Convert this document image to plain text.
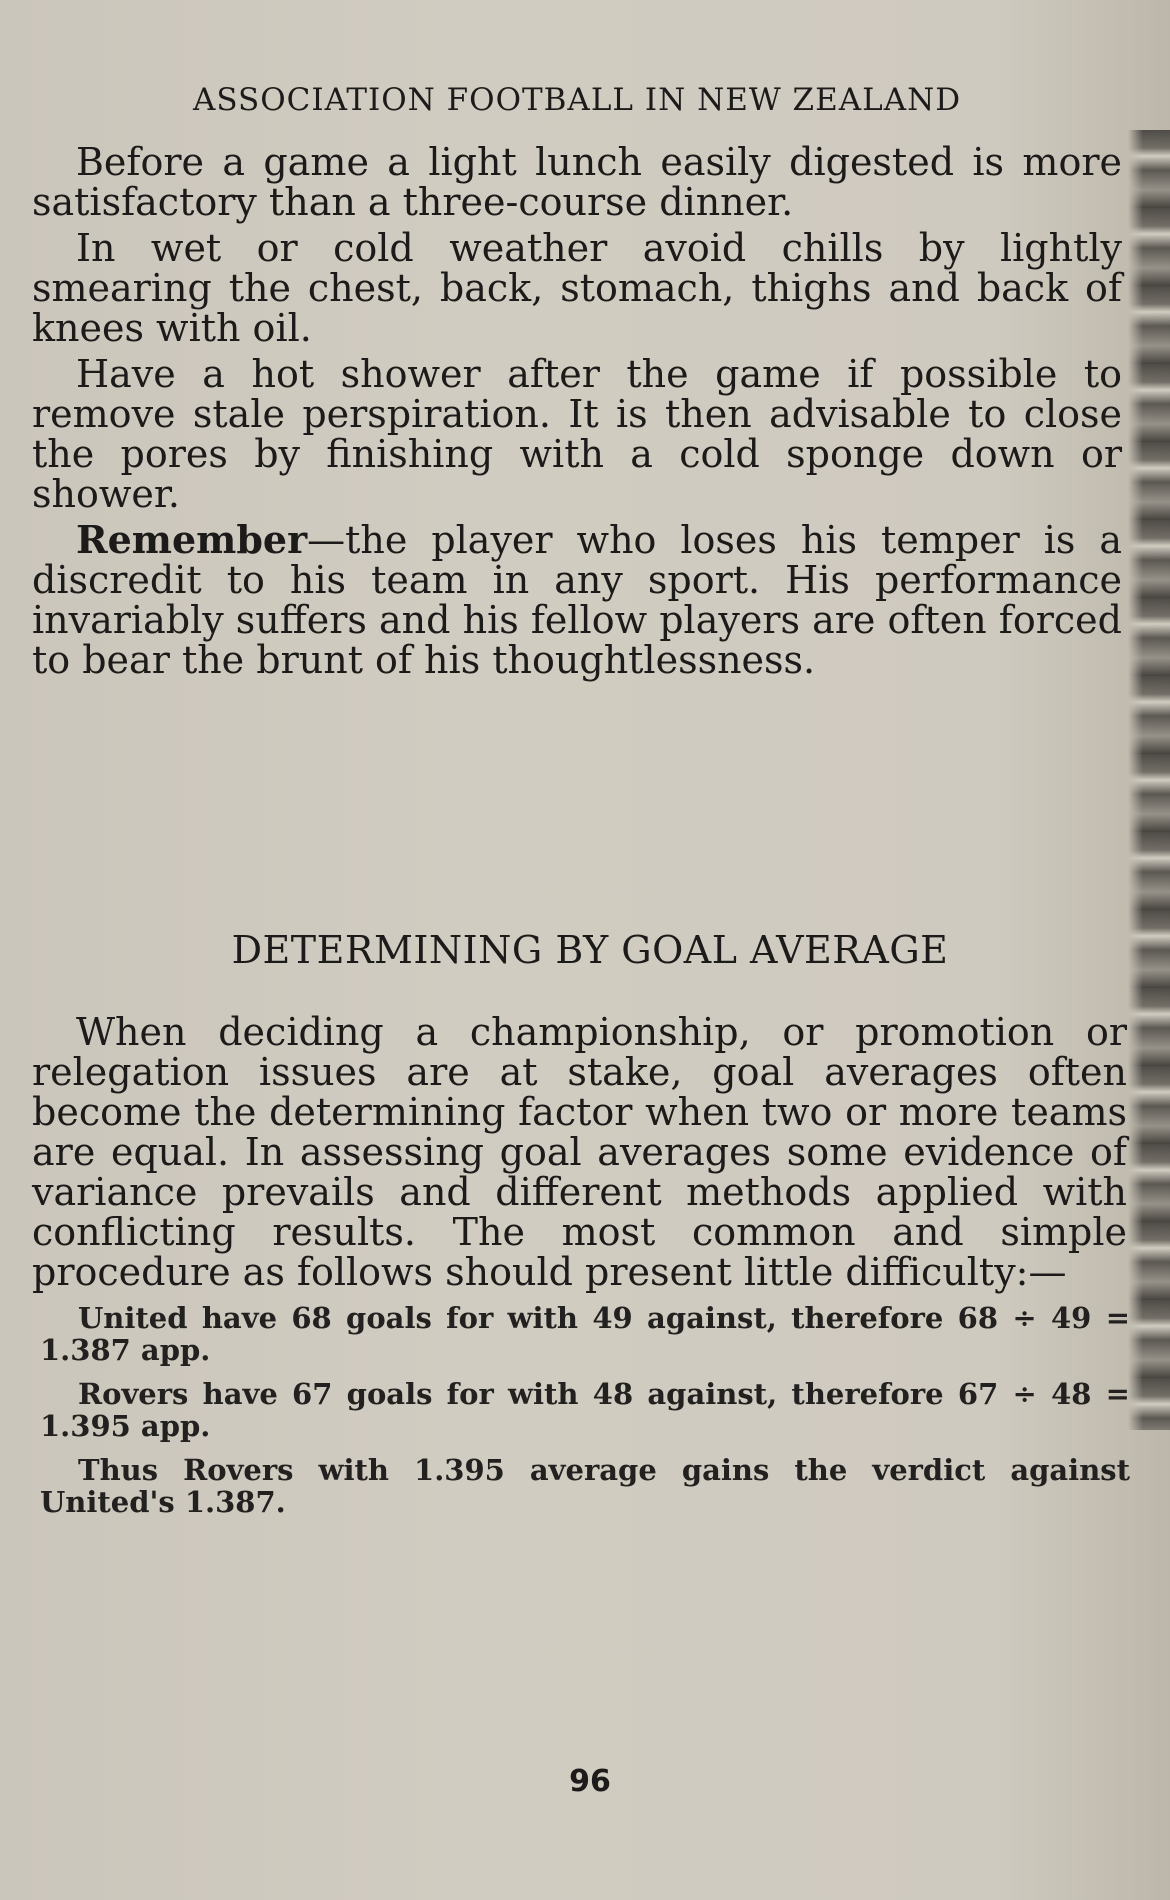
ASSOCIATION FOOTBALL IN NEW ZEALAND

Before a game a light lunch easily digested is more satisfactory than a three-course dinner.

In wet or cold weather avoid chills by lightly smearing the chest, back, stomach, thighs and back of knees with oil.

Have a hot shower after the game if possible to remove stale perspiration. It is then advisable to close the pores by finishing with a cold sponge down or shower.

Remember—the player who loses his temper is a discredit to his team in any sport. His performance invariably suffers and his fellow players are often forced to bear the brunt of his thoughtlessness.

DETERMINING BY GOAL AVERAGE

When deciding a championship, or promotion or relegation issues are at stake, goal averages often become the determining factor when two or more teams are equal. In assessing goal averages some evidence of variance prevails and different methods applied with conflicting results. The most common and simple procedure as follows should present little difficulty:—

United have 68 goals for with 49 against, therefore 68 ÷ 49 = 1.387 app.

Rovers have 67 goals for with 48 against, therefore 67 ÷ 48 = 1.395 app.

Thus Rovers with 1.395 average gains the verdict against United's 1.387.

96
